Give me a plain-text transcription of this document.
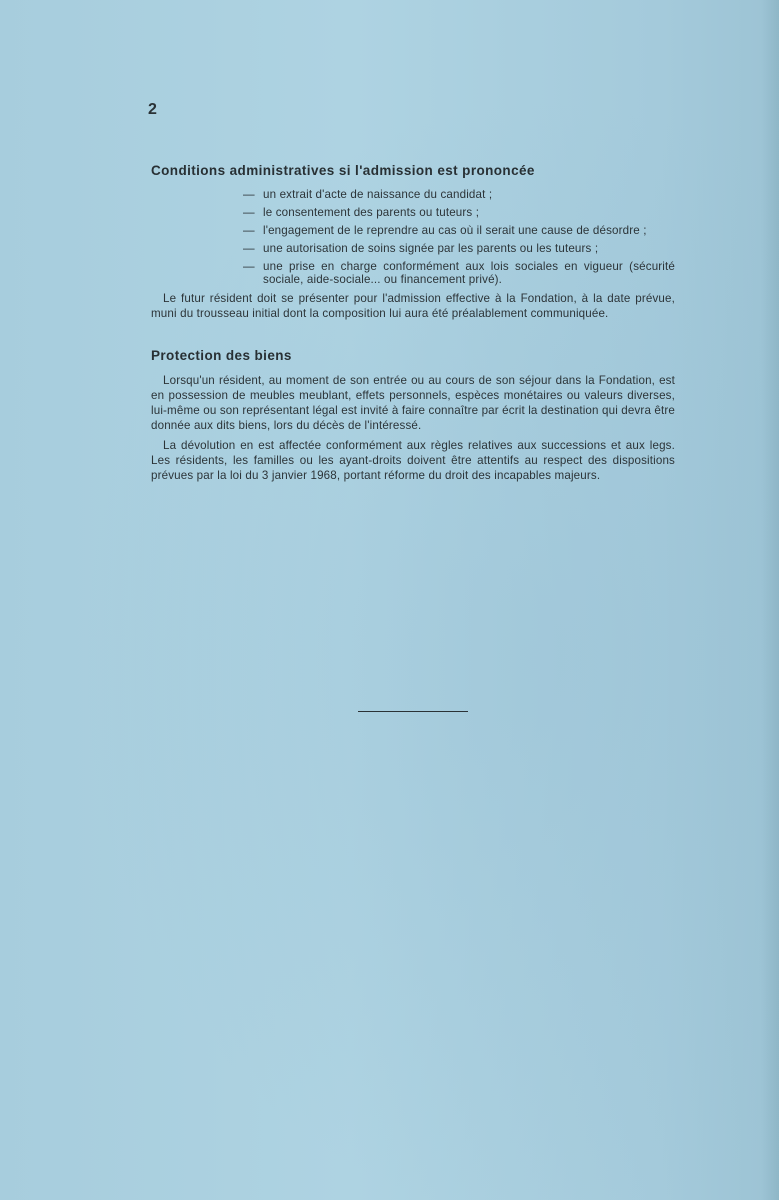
2
Conditions administratives si l'admission est prononcée
— un extrait d'acte de naissance du candidat ;
— le consentement des parents ou tuteurs ;
— l'engagement de le reprendre au cas où il serait une cause de désordre ;
— une autorisation de soins signée par les parents ou les tuteurs ;
— une prise en charge conformément aux lois sociales en vigueur (sécurité sociale, aide-sociale... ou financement privé).

Le futur résident doit se présenter pour l'admission effective à la Fondation, à la date prévue, muni du trousseau initial dont la composition lui aura été préalablement communiquée.

Protection des biens

Lorsqu'un résident, au moment de son entrée ou au cours de son séjour dans la Fondation, est en possession de meubles meublant, effets personnels, espèces monétaires ou valeurs diverses, lui-même ou son représentant légal est invité à faire connaître par écrit la destination qui devra être donnée aux dits biens, lors du décès de l'intéressé.

La dévolution en est affectée conformément aux règles relatives aux successions et aux legs. Les résidents, les familles ou les ayant-droits doivent être attentifs au respect des dispositions prévues par la loi du 3 janvier 1968, portant réforme du droit des incapables majeurs.
